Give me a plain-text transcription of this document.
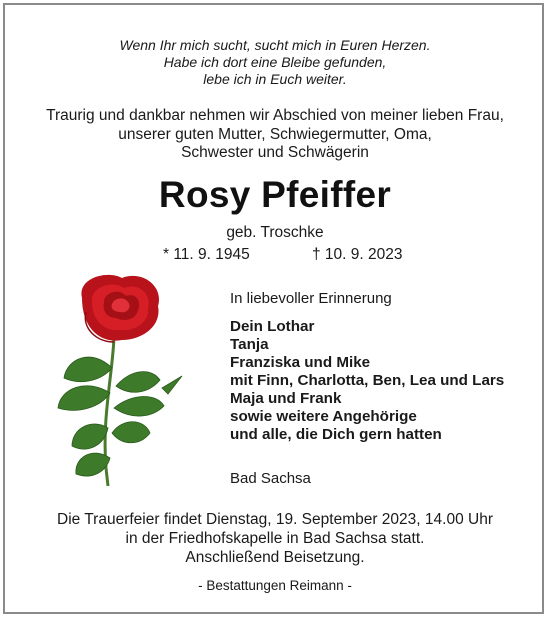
Wenn Ihr mich sucht, sucht mich in Euren Herzen.
Habe ich dort eine Bleibe gefunden,
lebe ich in Euch weiter.
Traurig und dankbar nehmen wir Abschied von meiner lieben Frau,
unserer guten Mutter, Schwiegermutter, Oma,
Schwester und Schwägerin
Rosy Pfeiffer
geb. Troschke
* 11. 9. 1945	† 10. 9. 2023
In liebevoller Erinnerung
Dein Lothar
Tanja
Franziska und Mike
mit Finn, Charlotta, Ben, Lea und Lars
Maja und Frank
sowie weitere Angehörige
und alle, die Dich gern hatten
Bad Sachsa
Die Trauerfeier findet Dienstag, 19. September 2023, 14.00 Uhr
in der Friedhofskapelle in Bad Sachsa statt.
Anschließend Beisetzung.
- Bestattungen Reimann -
